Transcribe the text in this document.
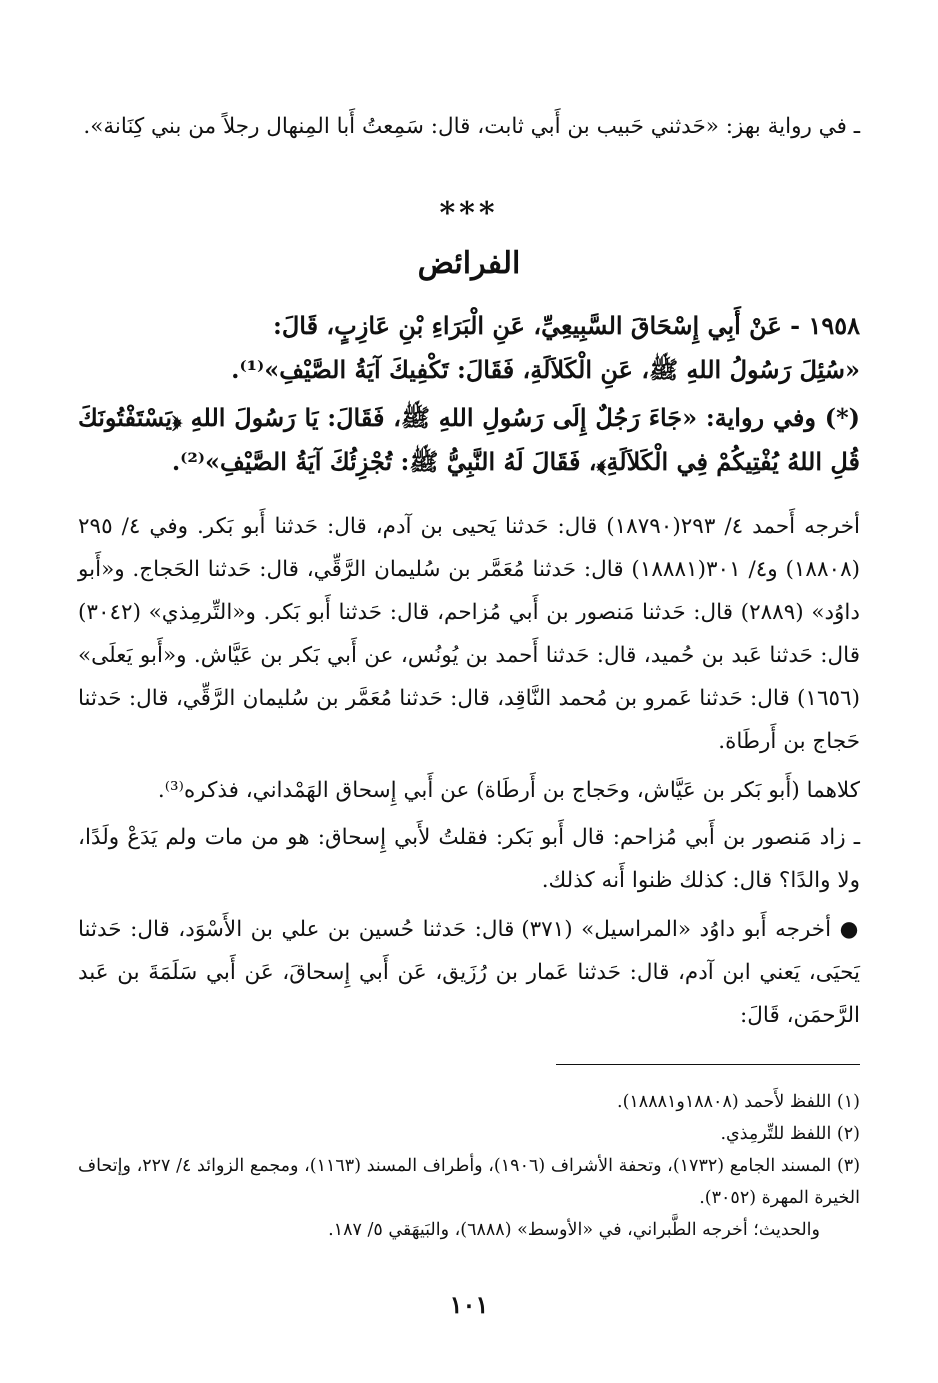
ـ في رواية بهز: «حَدثني حَبيب بن أَبي ثابت، قال: سَمِعتُ أَبا المِنهال رجلاً من بني كِنَانة».

***
الفرائض

١٩٥٨ - عَنْ أَبِي إِسْحَاقَ السَّبِيعِيِّ، عَنِ الْبَرَاءِ بْنِ عَازِبٍ، قَالَ:

«سُئِلَ رَسُولُ اللهِ ﷺ، عَنِ الْكَلاَلَةِ، فَقَالَ: تَكْفِيكَ آيَةُ الصَّيْفِ»⁽¹⁾.

(*) وفي رواية: «جَاءَ رَجُلٌ إِلَى رَسُولِ اللهِ ﷺ، فَقَالَ: يَا رَسُولَ اللهِ ﴿يَسْتَفْتُونَكَ قُلِ اللهُ يُفْتِيكُمْ فِي الْكَلاَلَةِ﴾، فَقَالَ لَهُ النَّبِيُّ ﷺ: تُجْزِئُكَ آيَةُ الصَّيْفِ»⁽²⁾.

أخرجه أَحمد ٤/ ٢٩٣(١٨٧٩٠) قال: حَدثنا يَحيى بن آدم، قال: حَدثنا أَبو بَكر. وفي ٤/ ٢٩٥ (١٨٨٠٨) و٤/ ٣٠١(١٨٨٨١) قال: حَدثنا مُعَمَّر بن سُليمان الرَّقِّي، قال: حَدثنا الحَجاج. و«أَبو داوُد» (٢٨٨٩) قال: حَدثنا مَنصور بن أَبي مُزاحم، قال: حَدثنا أَبو بَكر. و«التِّرمِذي» (٣٠٤٢) قال: حَدثنا عَبد بن حُميد، قال: حَدثنا أَحمد بن يُونُس، عن أَبي بَكر بن عَيَّاش. و«أَبو يَعلَى» (١٦٥٦) قال: حَدثنا عَمرو بن مُحمد النَّاقِد، قال: حَدثنا مُعَمَّر بن سُليمان الرَّقِّي، قال: حَدثنا حَجاج بن أَرطَاة.

كلاهما (أَبو بَكر بن عَيَّاش، وحَجاج بن أَرطَاة) عن أَبي إِسحاق الهَمْداني، فذكره⁽³⁾.

ـ زاد مَنصور بن أَبي مُزاحم: قال أَبو بَكر: فقلتُ لأَبي إِسحاق: هو من مات ولم يَدَعْ ولَدًا، ولا والدًا؟ قال: كذلك ظنوا أَنه كذلك.

● أخرجه أَبو داوُد «المراسيل» (٣٧١) قال: حَدثنا حُسين بن علي بن الأَسْوَد، قال: حَدثنا يَحيَى، يَعني ابن آدم، قال: حَدثنا عَمار بن رُزَيق، عَن أَبي إِسحاقَ، عَن أَبي سَلَمَةَ بن عَبد الرَّحمَن، قَالَ:

(١) اللفظ لأَحمد (١٨٨٠٨و١٨٨٨١).

(٢) اللفظ للتِّرمِذي.

(٣) المسند الجامع (١٧٣٢)، وتحفة الأشراف (١٩٠٦)، وأطراف المسند (١١٦٣)، ومجمع الزوائد ٤/ ٢٢٧، وإتحاف الخيرة المهرة (٣٠٥٢).

والحديث؛ أخرجه الطَّبراني، في «الأوسط» (٦٨٨٨)، والبَيهَقي ٥/ ١٨٧.

١٠١
